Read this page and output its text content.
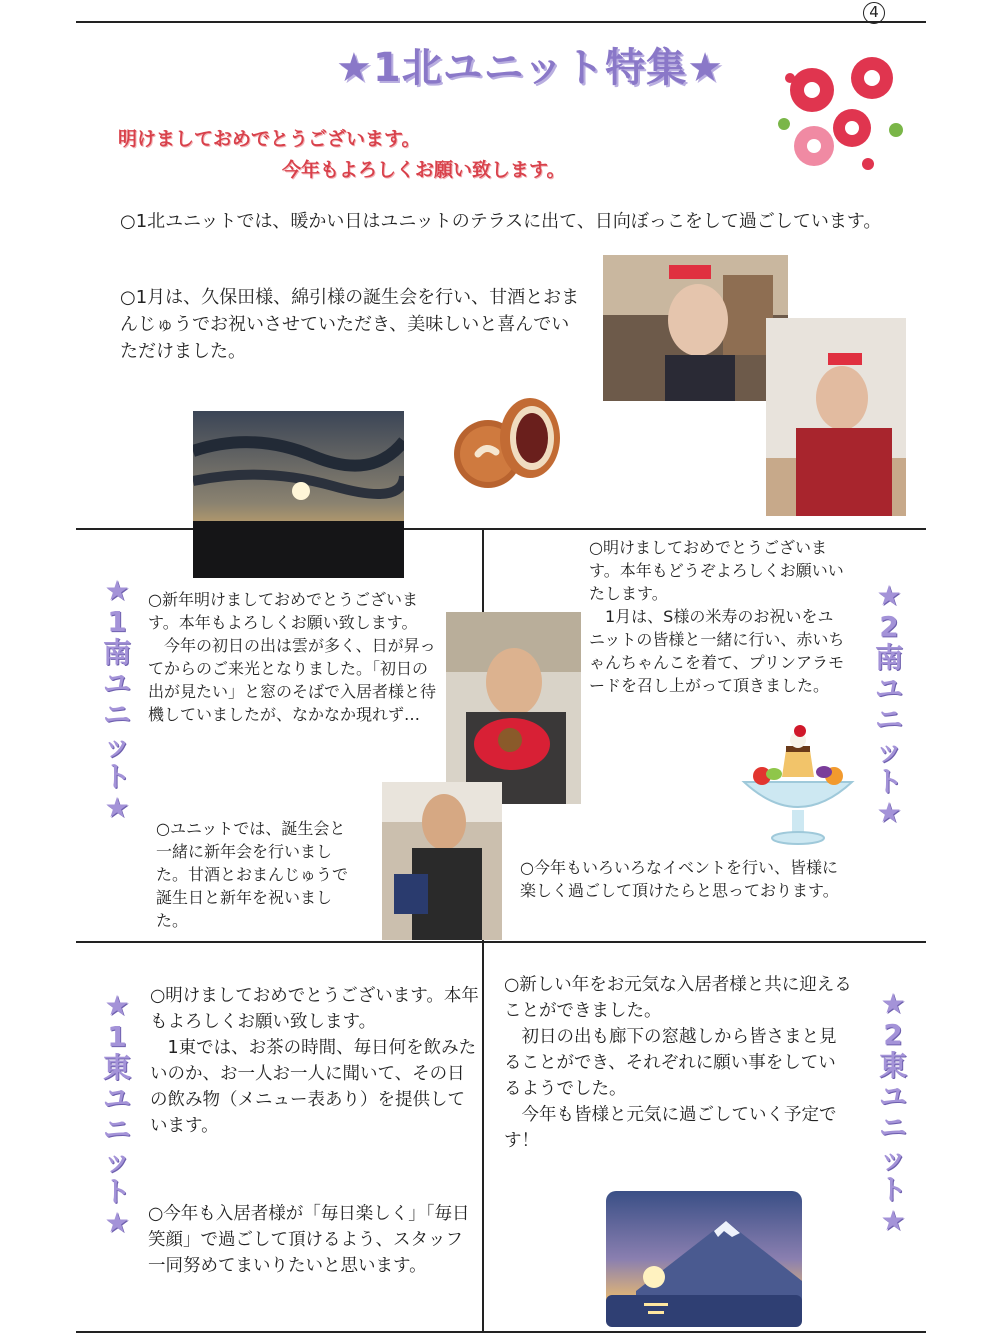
4
★1北ユニット特集★
明けましておめでとうございます。
今年もよろしくお願い致します。

○1北ユニットでは、暖かい日はユニットのテラスに出て、日向ぼっこをして過ごしています。

○1月は、久保田様、綿引様の誕生会を行い、甘酒とおまんじゅうでお祝いさせていただき、美味しいと喜んでいただけました。

★1南ユニット★

○新年明けましておめでとうございます。本年もよろしくお願い致します。
　今年の初日の出は雲が多く、日が昇ってからのご来光となりました。「初日の出が見たい」と窓のそばで入居者様と待機していましたが、なかなか現れず…

○ユニットでは、誕生会と一緒に新年会を行いました。甘酒とおまんじゅうで誕生日と新年を祝いました。

○明けましておめでとうございます。本年もどうぞよろしくお願いいたします。
　1月は、S様の米寿のお祝いをユニットの皆様と一緒に行い、赤いちゃんちゃんこを着て、プリンアラモードを召し上がって頂きました。

★2南ユニット★

○今年もいろいろなイベントを行い、皆様に楽しく過ごして頂けたらと思っております。

★1東ユニット★

○明けましておめでとうございます。本年もよろしくお願い致します。
　1東では、お茶の時間、毎日何を飲みたいのか、お一人お一人に聞いて、その日の飲み物（メニュー表あり）を提供しています。

○今年も入居者様が「毎日楽しく」「毎日笑顔」で過ごして頂けるよう、スタッフ一同努めてまいりたいと思います。

○新しい年をお元気な入居者様と共に迎えることができました。
　初日の出も廊下の窓越しから皆さまと見ることができ、それぞれに願い事をしているようでした。
　今年も皆様と元気に過ごしていく予定です！

★2東ユニット★
